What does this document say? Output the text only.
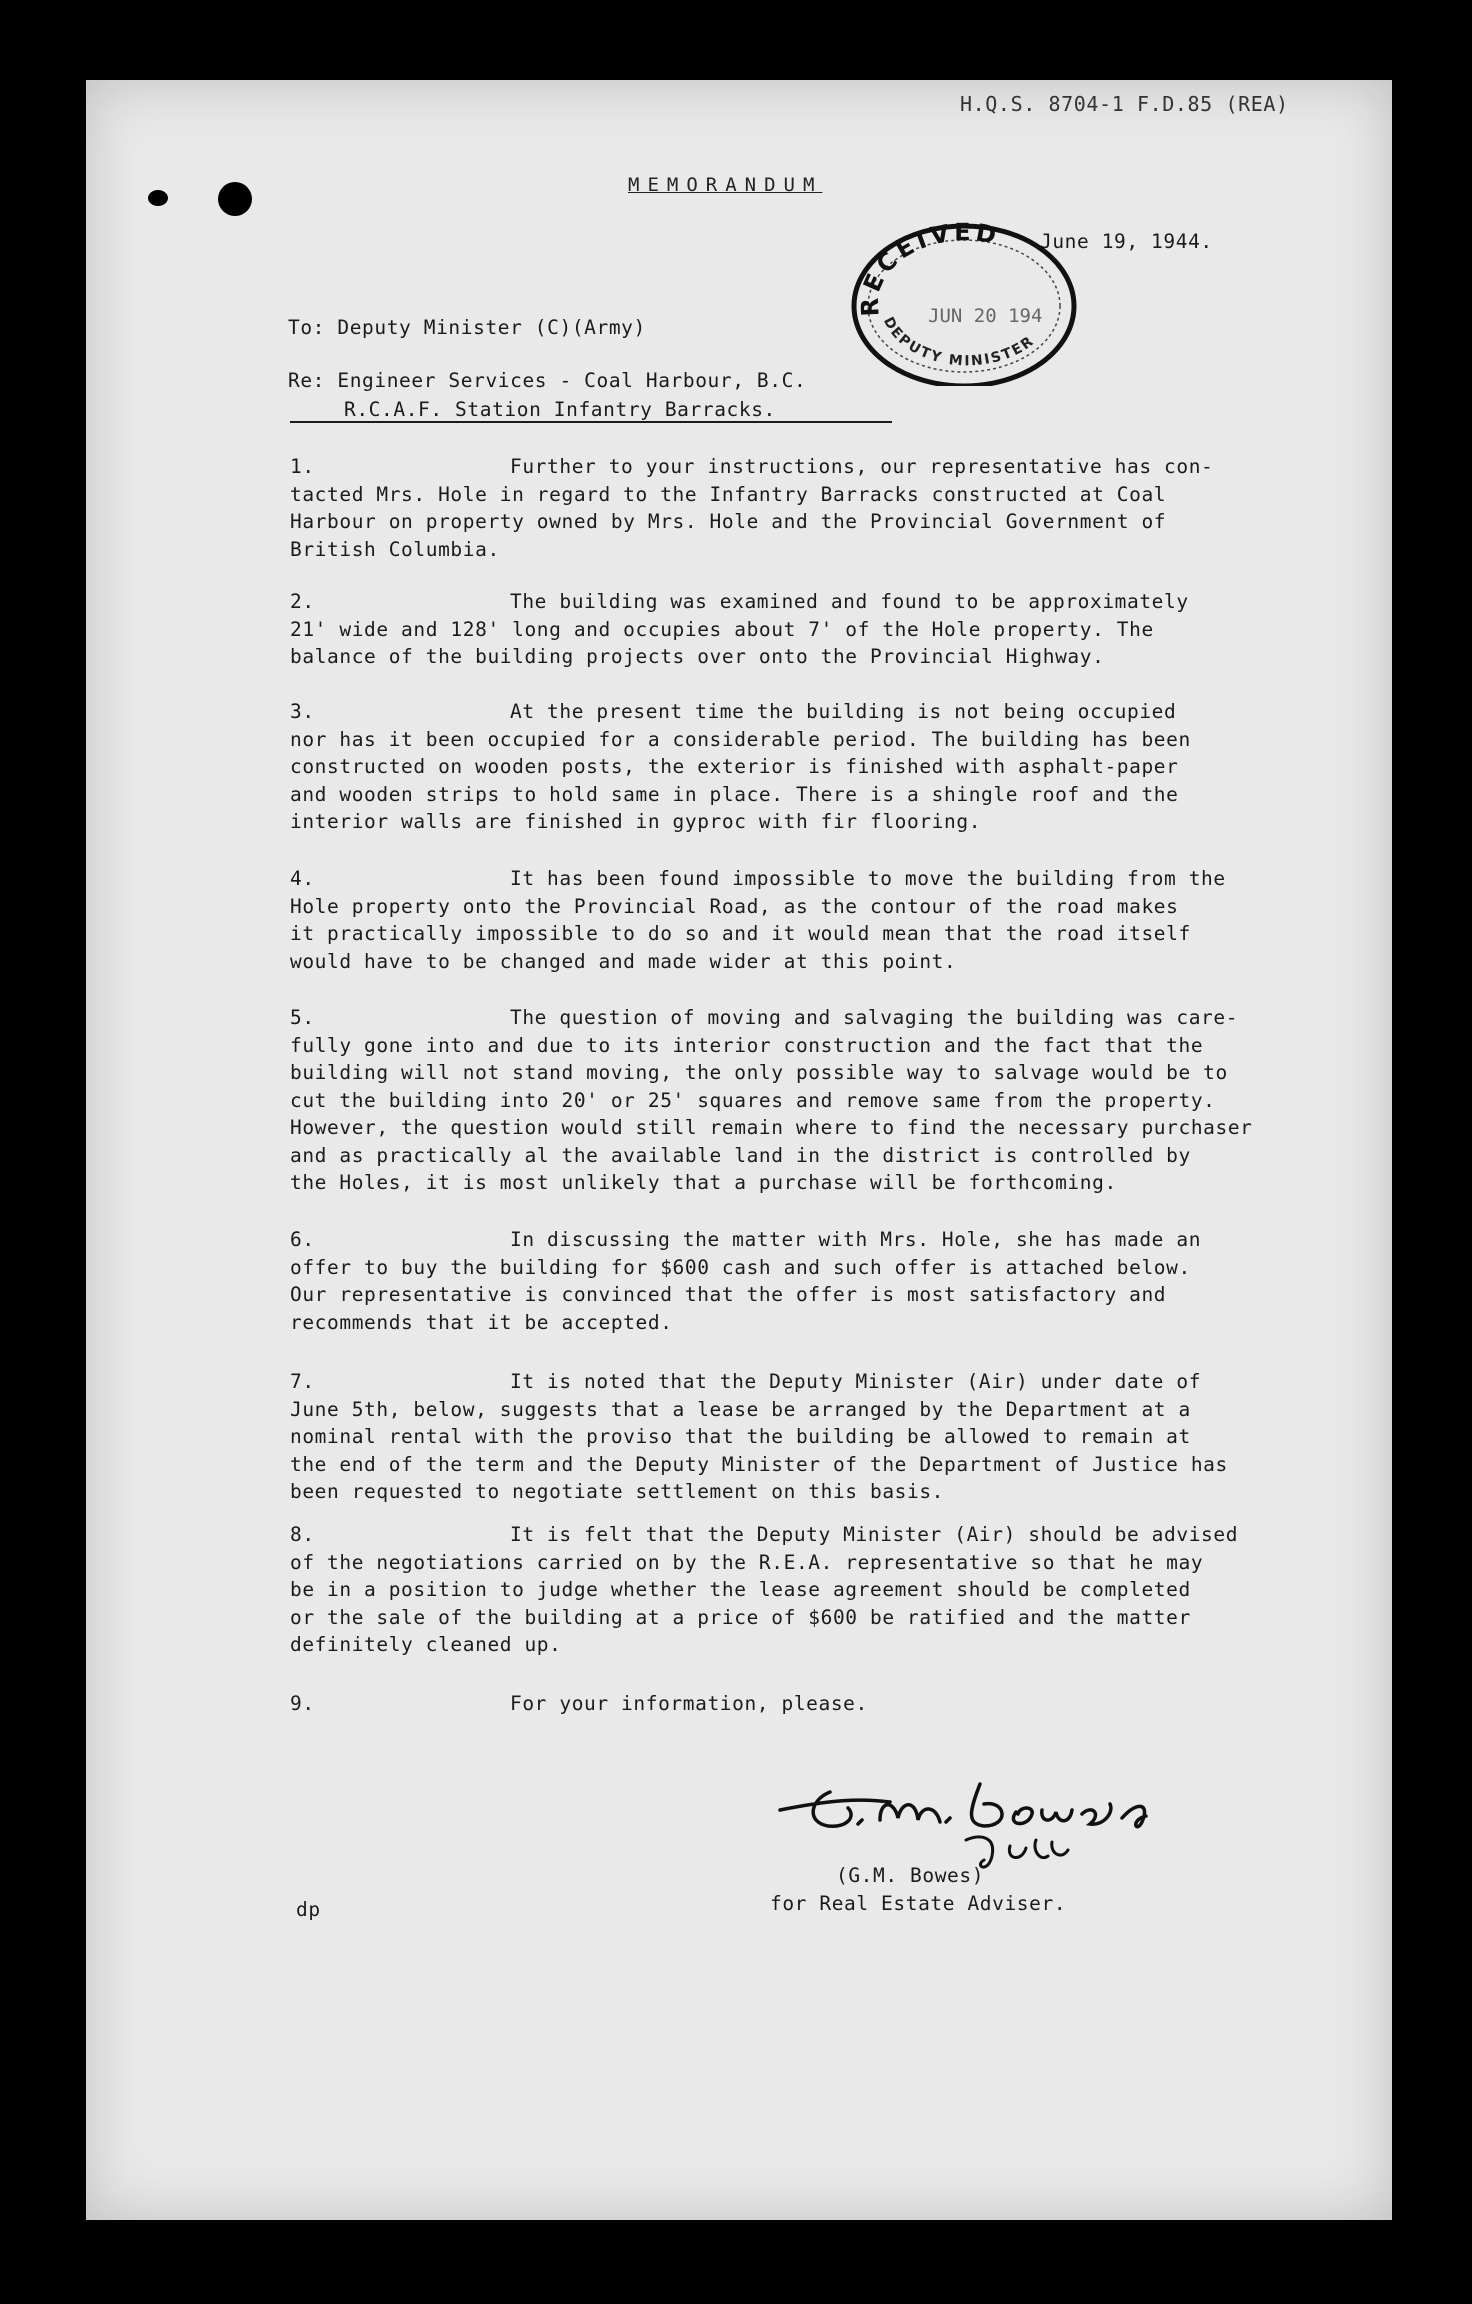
H.Q.S. 8704-1 F.D.85 (REA)
MEMORANDUM
June 19, 1944.
RECEIVED
JUN 20 194
DEPUTY MINISTER
To: Deputy Minister (C)(Army)
Re: Engineer Services - Coal Harbour, B.C.
R.C.A.F. Station Infantry Barracks.
1.	Further to your instructions, our representative has con-
tacted Mrs. Hole in regard to the Infantry Barracks constructed at Coal
Harbour on property owned by Mrs. Hole and the Provincial Government of
British Columbia.
2.	The building was examined and found to be approximately
21' wide and 128' long and occupies about 7' of the Hole property. The
balance of the building projects over onto the Provincial Highway.
3.	At the present time the building is not being occupied
nor has it been occupied for a considerable period. The building has been
constructed on wooden posts, the exterior is finished with asphalt-paper
and wooden strips to hold same in place. There is a shingle roof and the
interior walls are finished in gyproc with fir flooring.
4.	It has been found impossible to move the building from the
Hole property onto the Provincial Road, as the contour of the road makes
it practically impossible to do so and it would mean that the road itself
would have to be changed and made wider at this point.
5.	The question of moving and salvaging the building was care-
fully gone into and due to its interior construction and the fact that the
building will not stand moving, the only possible way to salvage would be to
cut the building into 20' or 25' squares and remove same from the property.
However, the question would still remain where to find the necessary purchaser
and as practically al the available land in the district is controlled by
the Holes, it is most unlikely that a purchase will be forthcoming.
6.	In discussing the matter with Mrs. Hole, she has made an
offer to buy the building for $600 cash and such offer is attached below.
Our representative is convinced that the offer is most satisfactory and
recommends that it be accepted.
7.	It is noted that the Deputy Minister (Air) under date of
June 5th, below, suggests that a lease be arranged by the Department at a
nominal rental with the proviso that the building be allowed to remain at
the end of the term and the Deputy Minister of the Department of Justice has
been requested to negotiate settlement on this basis.
8.	It is felt that the Deputy Minister (Air) should be advised
of the negotiations carried on by the R.E.A. representative so that he may
be in a position to judge whether the lease agreement should be completed
or the sale of the building at a price of $600 be ratified and the matter
definitely cleaned up.
9.	For your information, please.
(G.M. Bowes)
for Real Estate Adviser.
dp
